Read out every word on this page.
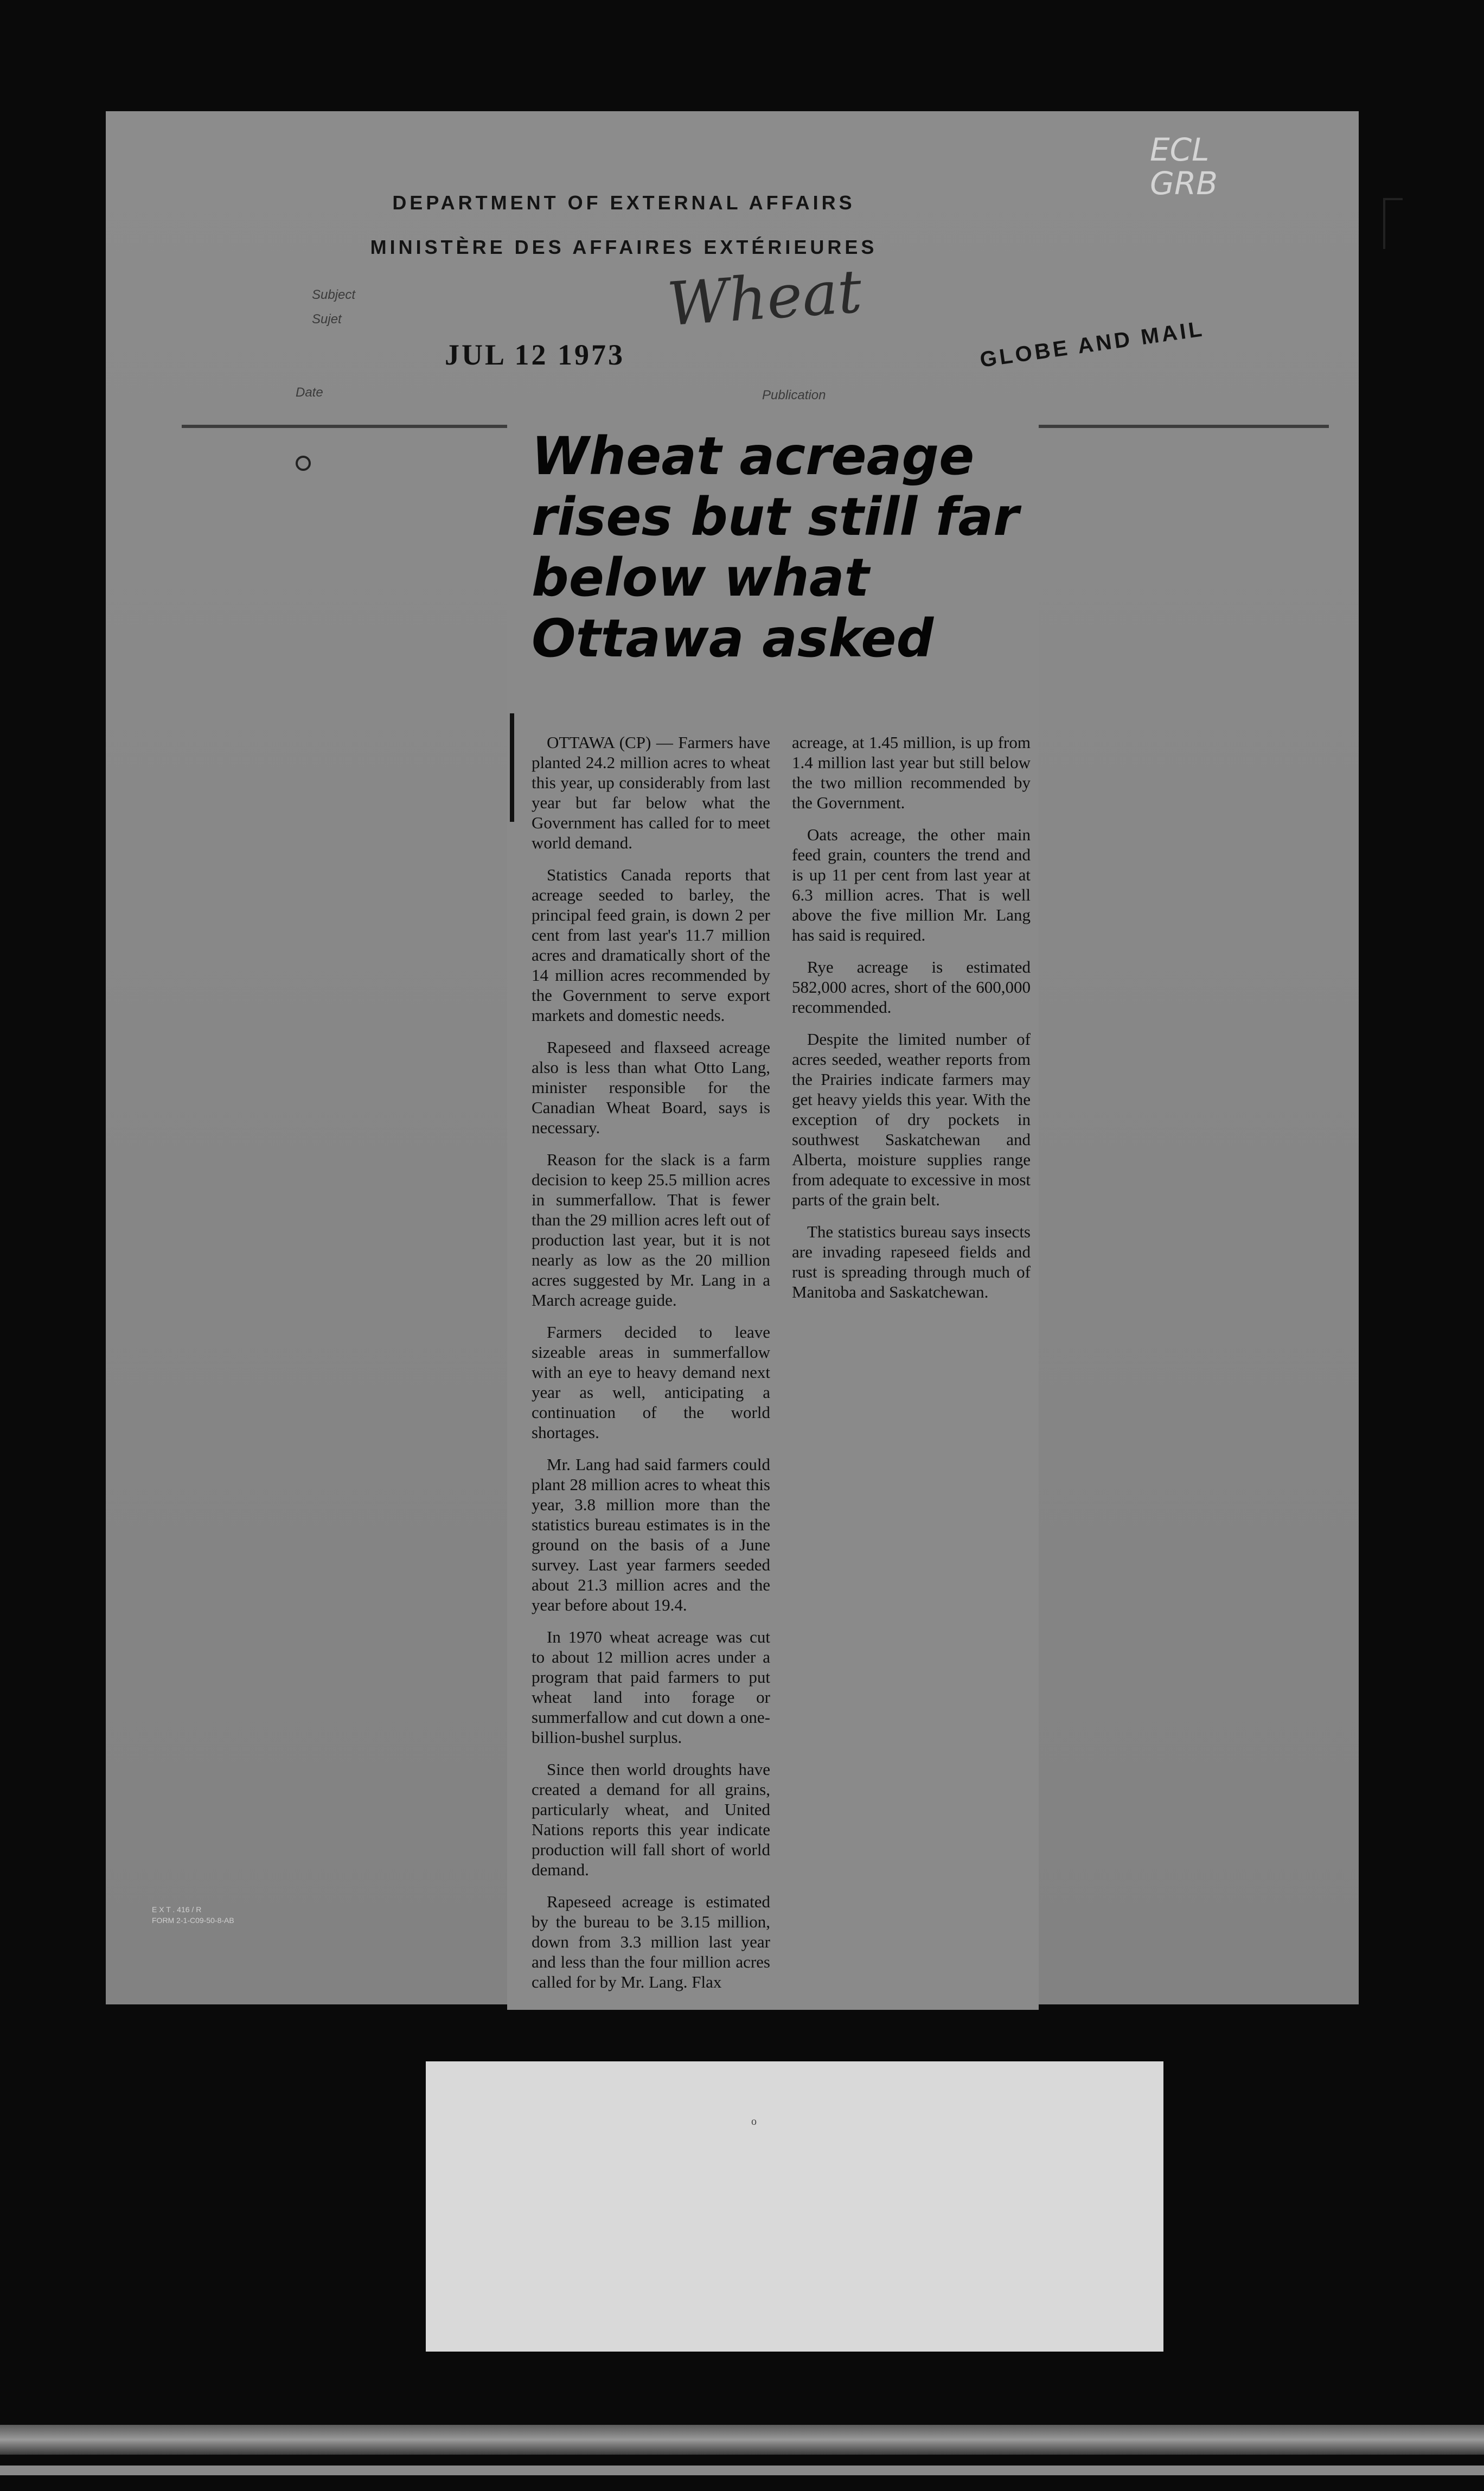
DEPARTMENT OF EXTERNAL AFFAIRS
MINISTÈRE DES AFFAIRES EXTÉRIEURES
Subject
Sujet	Wheat
JUL 12 1973	GLOBE AND MAIL
Date	Publication
Wheat acreage rises but still far below what Ottawa asked

OTTAWA (CP) — Farmers have planted 24.2 million acres to wheat this year, up considerably from last year but far below what the Government has called for to meet world demand.

Statistics Canada reports that acreage seeded to barley, the principal feed grain, is down 2 per cent from last year's 11.7 million acres and dramatically short of the 14 million acres recommended by the Government to serve export markets and domestic needs.

Rapeseed and flaxseed acreage also is less than what Otto Lang, minister responsible for the Canadian Wheat Board, says is necessary.

Reason for the slack is a farm decision to keep 25.5 million acres in summerfallow. That is fewer than the 29 million acres left out of production last year, but it is not nearly as low as the 20 million acres suggested by Mr. Lang in a March acreage guide.

Farmers decided to leave sizeable areas in summerfallow with an eye to heavy demand next year as well, anticipating a continuation of the world shortages.

Mr. Lang had said farmers could plant 28 million acres to wheat this year, 3.8 million more than the statistics bureau estimates is in the ground on the basis of a June survey. Last year farmers seeded about 21.3 million acres and the year before about 19.4.

In 1970 wheat acreage was cut to about 12 million acres under a program that paid farmers to put wheat land into forage or summerfallow and cut down a one-billion-bushel surplus.

Since then world droughts have created a demand for all grains, particularly wheat, and United Nations reports this year indicate production will fall short of world demand.

Rapeseed acreage is estimated by the bureau to be 3.15 million, down from 3.3 million last year and less than the four million acres called for by Mr. Lang. Flax

acreage, at 1.45 million, is up from 1.4 million last year but still below the two million recommended by the Government.

Oats acreage, the other main feed grain, counters the trend and is up 11 per cent from last year at 6.3 million acres. That is well above the five million Mr. Lang has said is required.

Rye acreage is estimated 582,000 acres, short of the 600,000 recommended.

Despite the limited number of acres seeded, weather reports from the Prairies indicate farmers may get heavy yields this year. With the exception of dry pockets in southwest Saskatchewan and Alberta, moisture supplies range from adequate to excessive in most parts of the grain belt.

The statistics bureau says insects are invading rapeseed fields and rust is spreading through much of Manitoba and Saskatchewan.

ECL
GRB
E X T . 416 / R
FORM 2-1-C09-50-8-AB
o
